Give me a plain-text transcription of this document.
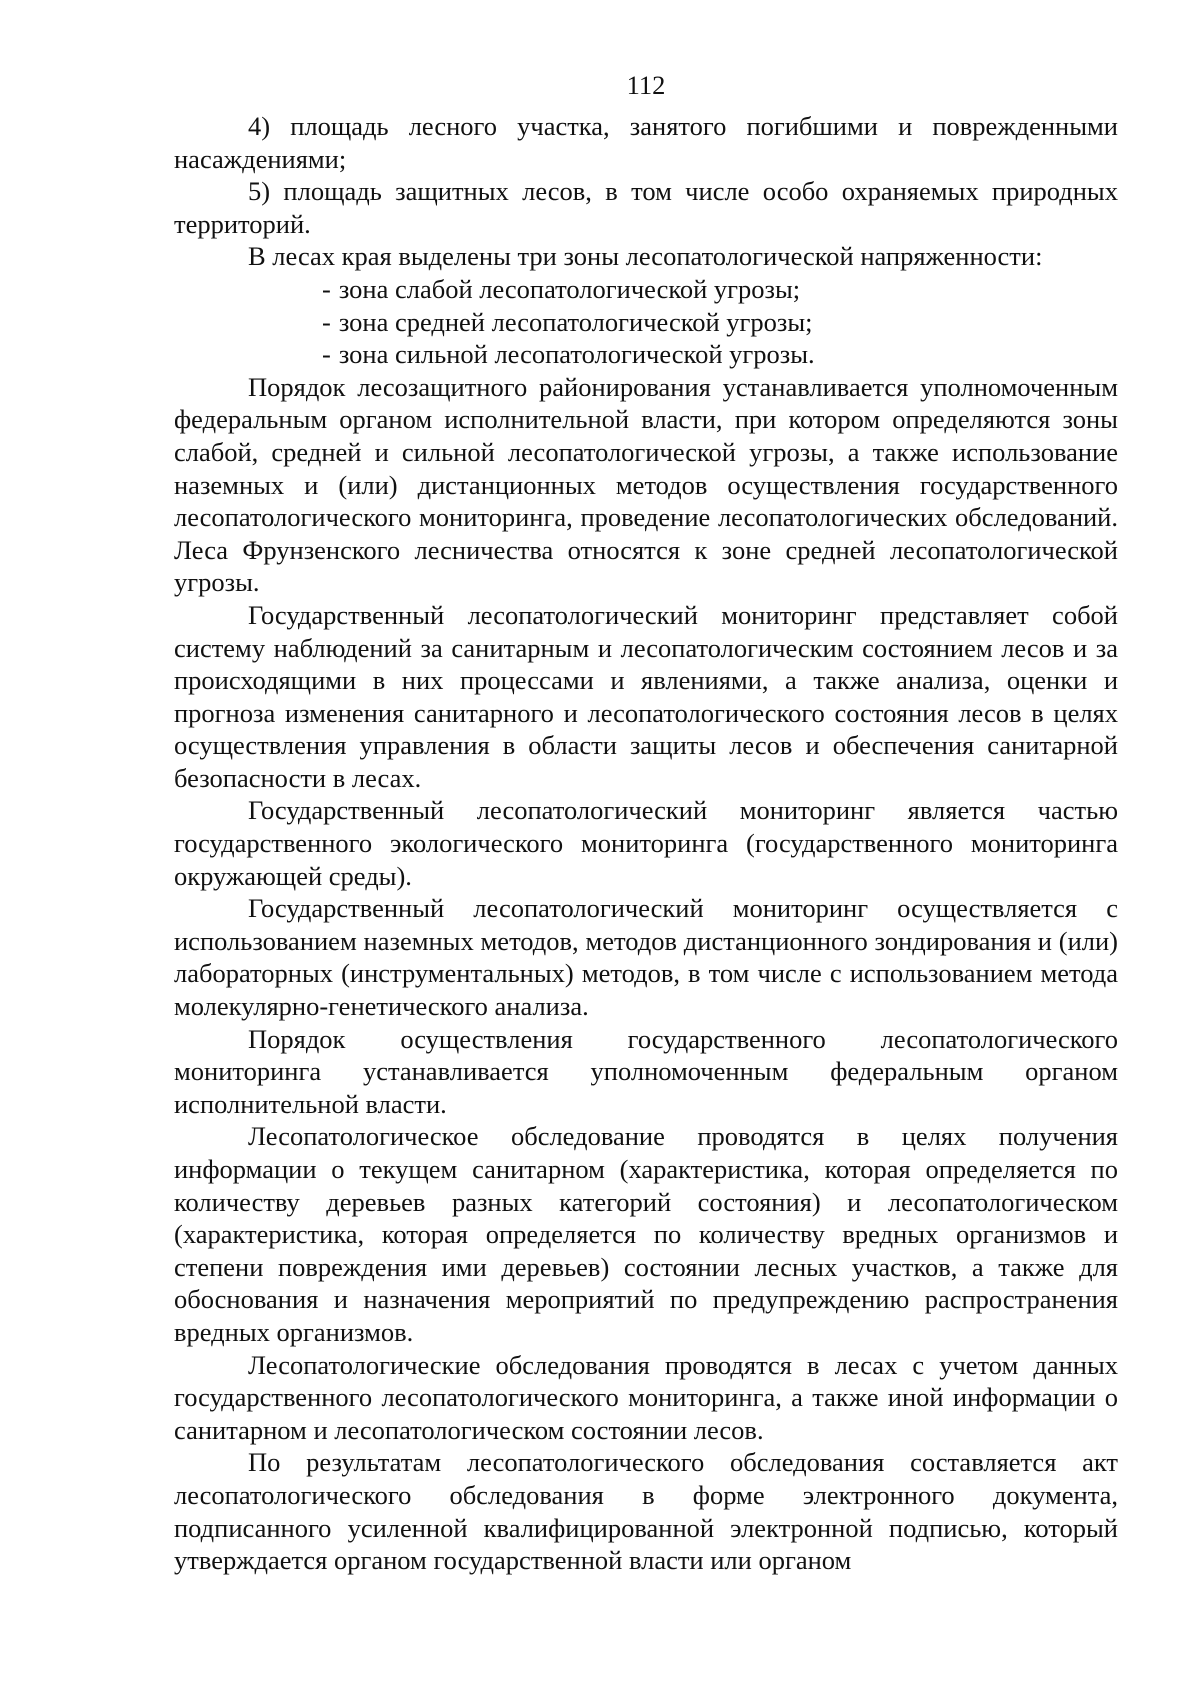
112

4) площадь лесного участка, занятого погибшими и поврежденными насаждениями;

5) площадь защитных лесов, в том числе особо охраняемых природных территорий.

В лесах края выделены три зоны лесопатологической напряженности:

- зона слабой лесопатологической угрозы;

- зона средней лесопатологической угрозы;

- зона сильной лесопатологической угрозы.

Порядок лесозащитного районирования устанавливается уполномоченным федеральным органом исполнительной власти, при котором определяются зоны слабой, средней и сильной лесопатологической угрозы, а также использование наземных и (или) дистанционных методов осуществления государственного лесопатологического мониторинга, проведение лесопатологических обследований. Леса Фрунзенского лесничества относятся к зоне средней лесопатологической угрозы.

Государственный лесопатологический мониторинг представляет собой систему наблюдений за санитарным и лесопатологическим состоянием лесов и за происходящими в них процессами и явлениями, а также анализа, оценки и прогноза изменения санитарного и лесопатологического состояния лесов в целях осуществления управления в области защиты лесов и обеспечения санитарной безопасности в лесах.

Государственный лесопатологический мониторинг является частью государственного экологического мониторинга (государственного мониторинга окружающей среды).

Государственный лесопатологический мониторинг осуществляется с использованием наземных методов, методов дистанционного зондирования и (или) лабораторных (инструментальных) методов, в том числе с использованием метода молекулярно-генетического анализа.

Порядок осуществления государственного лесопатологического мониторинга устанавливается уполномоченным федеральным органом исполнительной власти.

Лесопатологическое обследование проводятся в целях получения информации о текущем санитарном (характеристика, которая определяется по количеству деревьев разных категорий состояния) и лесопатологическом (характеристика, которая определяется по количеству вредных организмов и степени повреждения ими деревьев) состоянии лесных участков, а также для обоснования и назначения мероприятий по предупреждению распространения вредных организмов.

Лесопатологические обследования проводятся в лесах с учетом данных государственного лесопатологического мониторинга, а также иной информации о санитарном и лесопатологическом состоянии лесов.

По результатам лесопатологического обследования составляется акт лесопатологического обследования в форме электронного документа, подписанного усиленной квалифицированной электронной подписью, который утверждается органом государственной власти или органом
